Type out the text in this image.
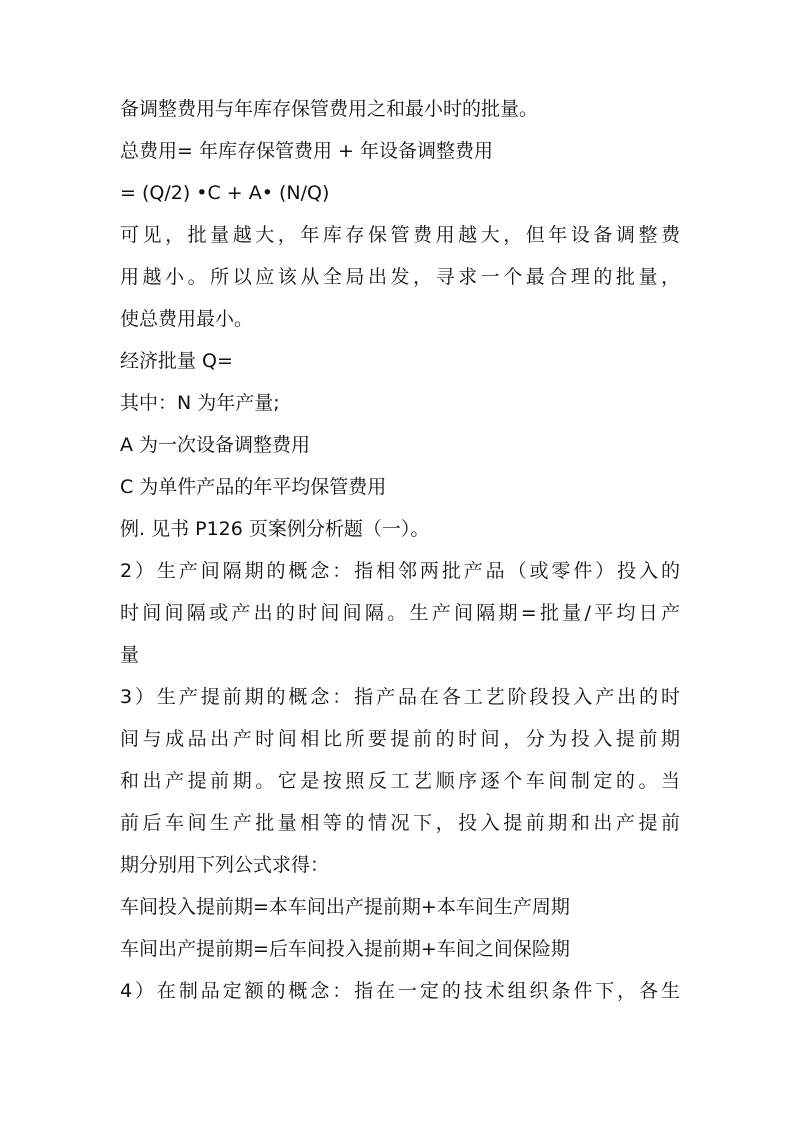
备调整费用与年库存保管费用之和最小时的批量。
总费用= 年库存保管费用 + 年设备调整费用
= (Q/2) •C + A• (N/Q)
可见，批量越大，年库存保管费用越大，但年设备调整费
用越小。所以应该从全局出发，寻求一个最合理的批量，
使总费用最小。
经济批量 Q=
其中：N 为年产量;
A 为一次设备调整费用
C 为单件产品的年平均保管费用
例. 见书 P126 页案例分析题（一）。
2）生产间隔期的概念：指相邻两批产品（或零件）投入的
时间间隔或产出的时间间隔。生产间隔期=批量/平均日产
量
3）生产提前期的概念：指产品在各工艺阶段投入产出的时
间与成品出产时间相比所要提前的时间，分为投入提前期
和出产提前期。它是按照反工艺顺序逐个车间制定的。当
前后车间生产批量相等的情况下，投入提前期和出产提前
期分别用下列公式求得：
车间投入提前期=本车间出产提前期+本车间生产周期
车间出产提前期=后车间投入提前期+车间之间保险期
4）在制品定额的概念：指在一定的技术组织条件下，各生
